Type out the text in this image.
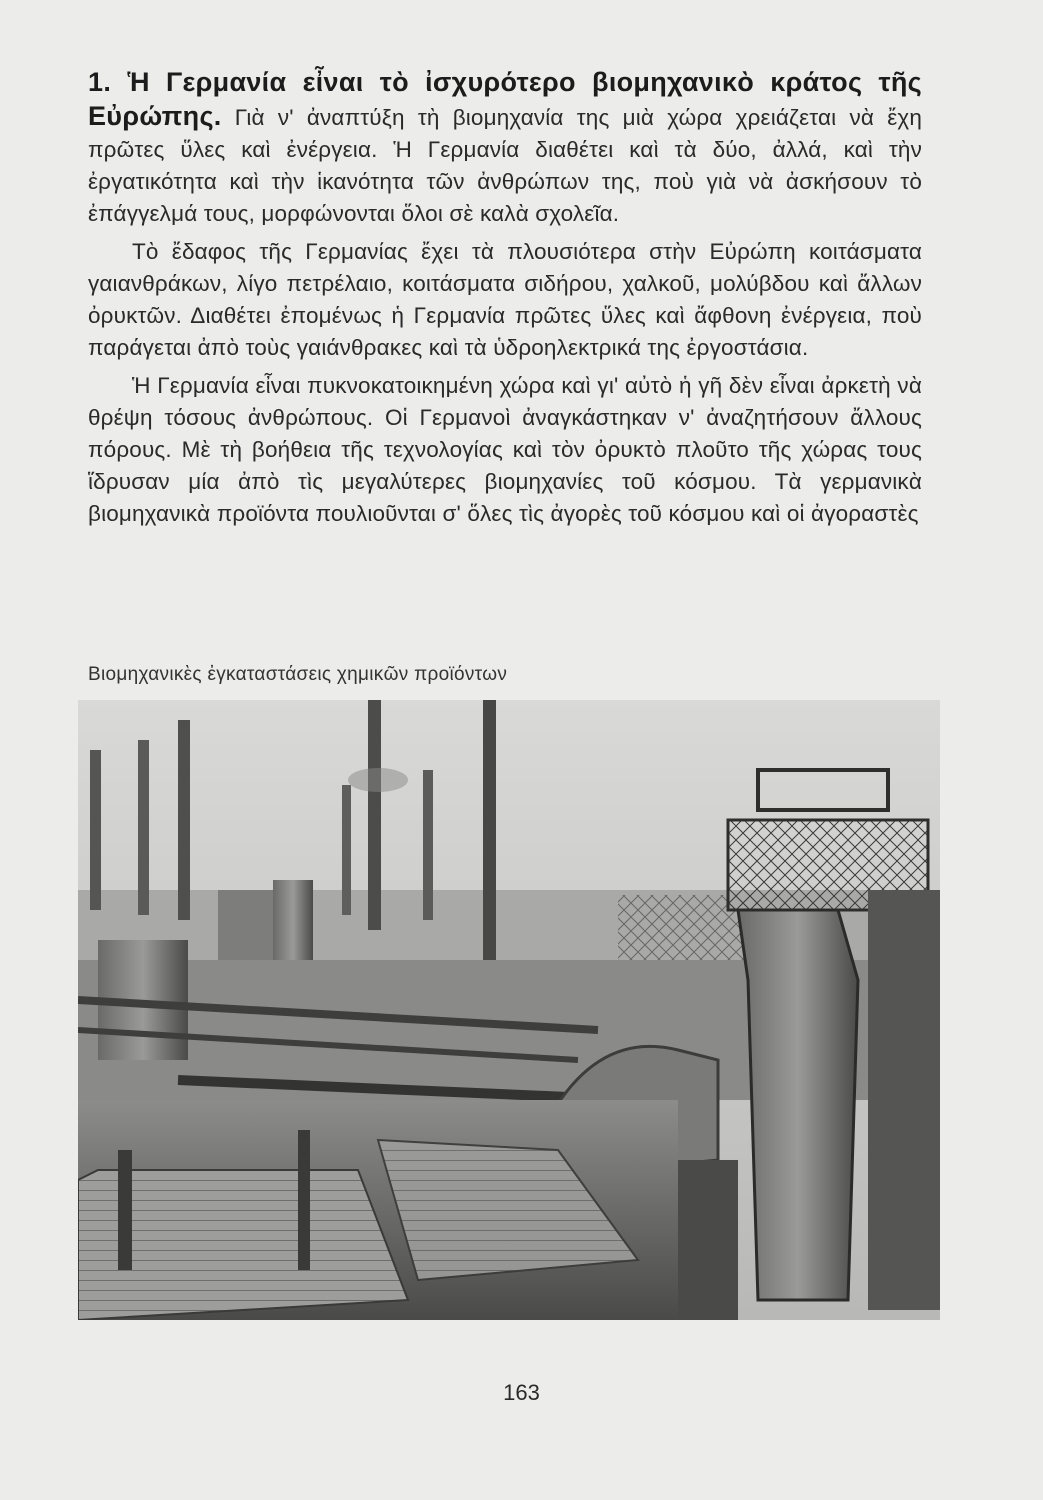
1. Ἡ Γερμανία εἶναι τὸ ἰσχυρότερο βιομηχανικὸ κράτος τῆς Εὐρώπης. Γιὰ ν' ἀναπτύξη τὴ βιομηχανία της μιὰ χώρα χρειάζεται νὰ ἔχη πρῶτες ὕλες καὶ ἐνέργεια. Ἡ Γερμανία διαθέτει καὶ τὰ δύο, ἀλλά, καὶ τὴν ἐργατικότητα καὶ τὴν ἱκανότητα τῶν ἀνθρώπων της, ποὺ γιὰ νὰ ἀσκήσουν τὸ ἐπάγγελμά τους, μορφώνονται ὅλοι σὲ καλὰ σχολεῖα.

Τὸ ἔδαφος τῆς Γερμανίας ἔχει τὰ πλουσιότερα στὴν Εὐρώπη κοιτάσματα γαιανθράκων, λίγο πετρέλαιο, κοιτάσματα σιδήρου, χαλκοῦ, μολύβδου καὶ ἄλλων ὀρυκτῶν. Διαθέτει ἐπομένως ἡ Γερμανία πρῶτες ὕλες καὶ ἄφθονη ἐνέργεια, ποὺ παράγεται ἀπὸ τοὺς γαιάνθρακες καὶ τὰ ὑδροηλεκτρικά της ἐργοστάσια.

Ἡ Γερμανία εἶναι πυκνοκατοικημένη χώρα καὶ γι' αὐτὸ ἡ γῆ δὲν εἶναι ἀρκετὴ νὰ θρέψη τόσους ἀνθρώπους. Οἱ Γερμανοὶ ἀναγκάστηκαν ν' ἀναζητήσουν ἄλλους πόρους. Μὲ τὴ βοήθεια τῆς τεχνολογίας καὶ τὸν ὀρυκτὸ πλοῦτο τῆς χώρας τους ἵδρυσαν μία ἀπὸ τὶς μεγαλύτερες βιομηχανίες τοῦ κόσμου. Τὰ γερμανικὰ βιομηχανικὰ προϊόντα πουλιοῦνται σ' ὅλες τὶς ἀγορὲς τοῦ κόσμου καὶ οἱ ἀγοραστὲς

Βιομηχανικὲς ἐγκαταστάσεις χημικῶν προϊόντων
163
